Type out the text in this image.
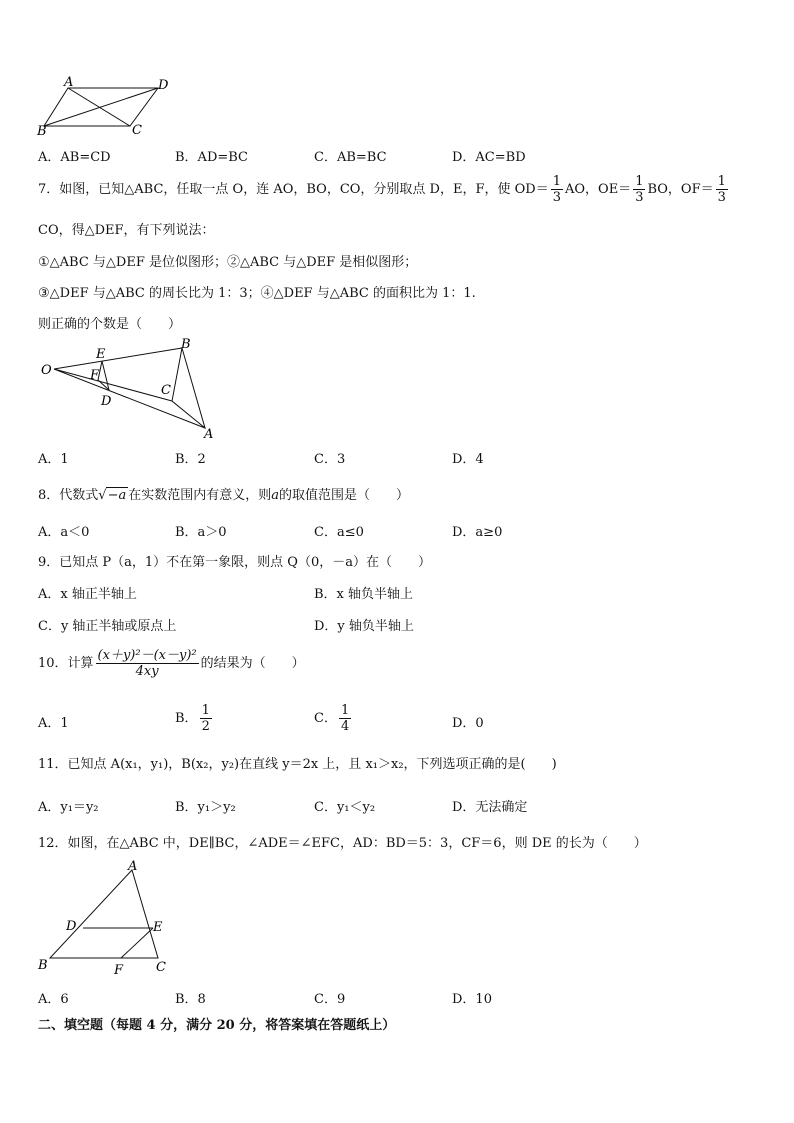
A	D
B	C
A．AB=CD	B．AD=BC	C．AB=BC	D．AC=BD
7．如图，已知△ABC，任取一点 O，连 AO，BO，CO，分别取点 D，E，F，使 $OD= \frac{1}{3}$ AO，$OE= \frac{1}{3}$ BO，$OF= \frac{1}{3}$
CO，得△DEF，有下列说法：
①△ABC 与△DEF 是位似图形；②△ABC 与△DEF 是相似图形；
③△DEF 与△ABC 的周长比为 1：3；④△DEF 与△ABC 的面积比为 1：1.
则正确的个数是（　　）
O
E
F
D
B
C
A
A．1	B．2	C．3	D．4
8．代数式√−a 在实数范围内有意义，则a的取值范围是（　　）
A．a＜0	B．a＞0	C．a≤0	D．a≥0
9．已知点 P（a，1）不在第一象限，则点 Q（0，－a）在（　　）
A．x 轴正半轴上	B．x 轴负半轴上
C．y 轴正半轴或原点上	D．y 轴负半轴上
10．计算 $\frac{\text{(x＋y)²－(x－y)²}}{4xy}$ 的结果为（　　）
A．1	B． $\frac{1}{2}$	C． $\frac{1}{4}$	D．0
11．已知点 A(x₁，y₁)，B(x₂，y₂)在直线 y＝2x 上，且 x₁＞x₂，下列选项正确的是(　　)
A．y₁＝y₂	B．y₁＞y₂	C．y₁＜y₂	D．无法确定
12．如图，在△ABC 中，DE∥BC，∠ADE＝∠EFC，AD：BD＝5：3，CF＝6，则 DE 的长为（　　）
A
D	E
B	F	C
A．6	B．8	C．9	D．10
二、填空题（每题 4 分，满分 20 分，将答案填在答题纸上）
